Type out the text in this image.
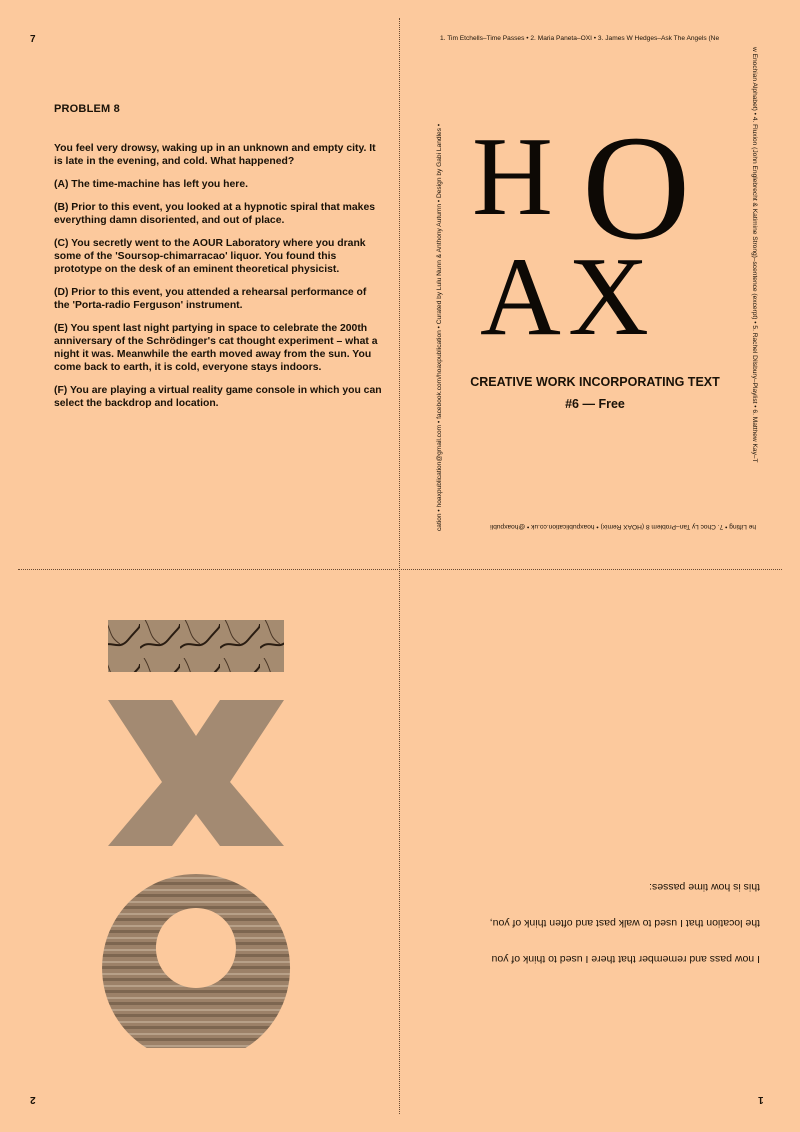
7
2	1
PROBLEM 8

You feel very drowsy, waking up in an unknown and empty city. It is late in the evening, and cold. What happened?

(A) The time-machine has left you here.

(B) Prior to this event, you looked at a hypnotic spiral that makes everything damn disoriented, and out of place.

(C) You secretly went to the AOUR Laboratory where you drank some of the 'Soursop-chimarracao' liquor. You found this prototype on the desk of an eminent theoretical physicist.

(D) Prior to this event, you attended a rehearsal performance of the 'Porta-radio Ferguson' instrument.

(E) You spent last night partying in space to celebrate the 200th anniversary of the Schrödinger's cat thought experiment – what a night it was. Meanwhile the earth moved away from the sun. You come back to earth, it is cold, everyone stays indoors.

(F) You are playing a virtual reality game console in which you can select the backdrop and location.

1. Tim Etchells–Time Passes • 2. Maria Paneta–OXI • 3. James W Hedges–Ask The Angels (Ne
w Enochian Alphabet) • 4. Fluxion (John Englebrecht & Katimine Strong)–scentence (excerpt) • 5. Rachel Dilsbury–Playlist • 6. Matthew Kay–T
he Lifting • 7. Choc Ly Tan–Problem 8 (HOAX Remix) • hoaxpublication.co.uk • @hoaxpubli
cation • hoaxpublication@gmail.com • facebook.com/hoaxpublication • Curated by Lulu Nunn & Anthony Autumn • Design by Gabi Landles • H O
A X
CREATIVE WORK INCORPORATING TEXT
#6 — Free
I now pass and remember that there I used to think of you
the location that I used to walk past and often think of you,
this is how time passes:
